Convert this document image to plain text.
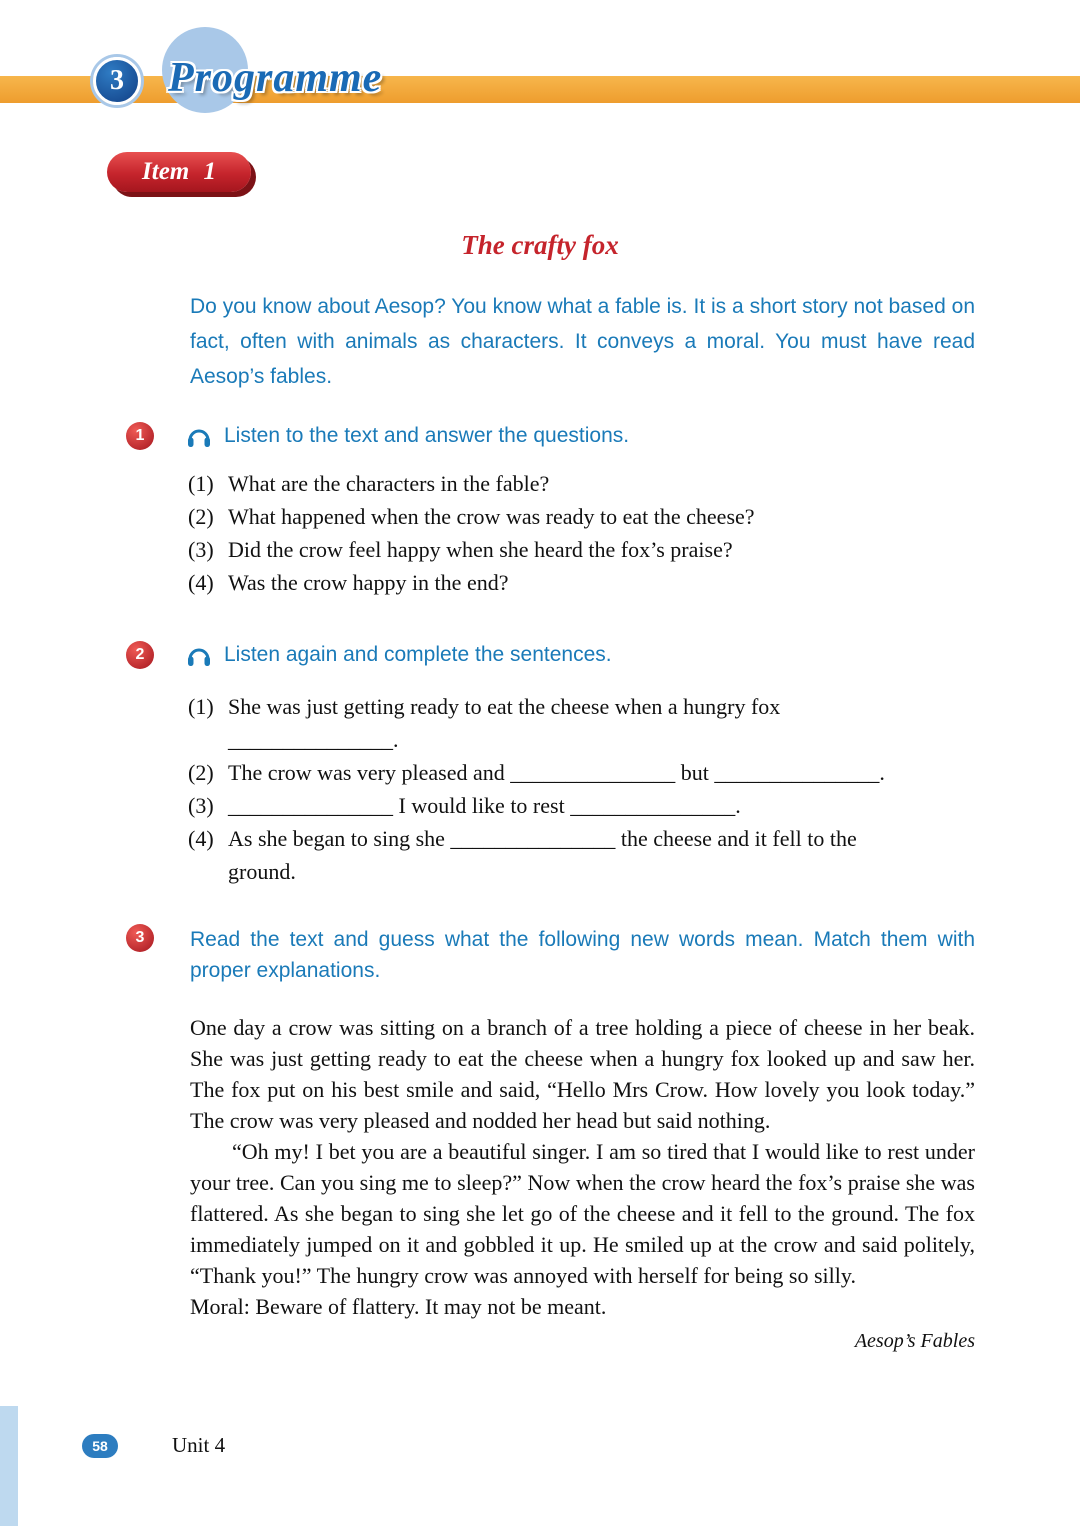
3	Programme
Item 1
The crafty fox

Do you know about Aesop? You know what a fable is. It is a short story not based on fact, often with animals as characters. It conveys a moral. You must have read Aesop’s fables.

1	Listen to the text and answer the questions.
(1) What are the characters in the fable?
(2) What happened when the crow was ready to eat the cheese?
(3) Did the crow feel happy when she heard the fox’s praise?
(4) Was the crow happy in the end?
2	Listen again and complete the sentences.
(1) She was just getting ready to eat the cheese when a hungry fox
_______________.
(2) The crow was very pleased and _______________ but _______________.
(3) _______________ I would like to rest _______________.
(4) As she began to sing she _______________ the cheese and it fell to the
ground.
3	Read the text and guess what the following new words mean. Match them with proper explanations.

One day a crow was sitting on a branch of a tree holding a piece of cheese in her beak. She was just getting ready to eat the cheese when a hungry fox looked up and saw her. The fox put on his best smile and said, “Hello Mrs Crow. How lovely you look today.” The crow was very pleased and nodded her head but said nothing.

“Oh my! I bet you are a beautiful singer. I am so tired that I would like to rest under your tree. Can you sing me to sleep?” Now when the crow heard the fox’s praise she was flattered. As she began to sing she let go of the cheese and it fell to the ground. The fox immediately jumped on it and gobbled it up. He smiled up at the crow and said politely, “Thank you!” The hungry crow was annoyed with herself for being so silly.

Moral: Beware of flattery. It may not be meant.

Aesop’s Fables
58	Unit 4
